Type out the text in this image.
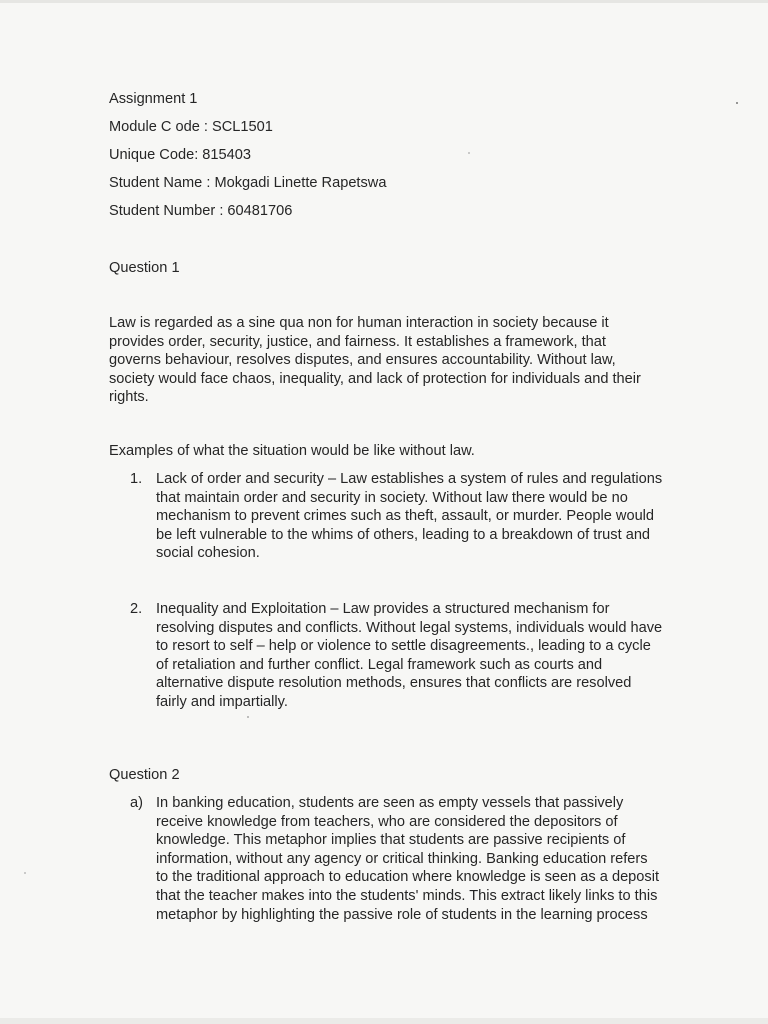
Assignment 1
Module C ode : SCL1501
Unique Code: 815403
Student Name : Mokgadi Linette Rapetswa
Student Number : 60481706
Question 1
Law is regarded as a sine qua non for human interaction in society because it
provides order, security, justice, and fairness. It establishes a framework, that
governs behaviour, resolves disputes, and ensures accountability. Without law,
society would face chaos, inequality, and lack of protection for individuals and their
rights.
Examples of what the situation would be like without law.
1. Lack of order and security – Law establishes a system of rules and regulations
that maintain order and security in society. Without law there would be no
mechanism to prevent crimes such as theft, assault, or murder. People would
be left vulnerable to the whims of others, leading to a breakdown of trust and
social cohesion.
2. Inequality and Exploitation – Law provides a structured mechanism for
resolving disputes and conflicts. Without legal systems, individuals would have
to resort to self – help or violence to settle disagreements., leading to a cycle
of retaliation and further conflict. Legal framework such as courts and
alternative dispute resolution methods, ensures that conflicts are resolved
fairly and impartially.
Question 2
a) In banking education, students are seen as empty vessels that passively
receive knowledge from teachers, who are considered the depositors of
knowledge. This metaphor implies that students are passive recipients of
information, without any agency or critical thinking. Banking education refers
to the traditional approach to education where knowledge is seen as a deposit
that the teacher makes into the students' minds. This extract likely links to this
metaphor by highlighting the passive role of students in the learning process
